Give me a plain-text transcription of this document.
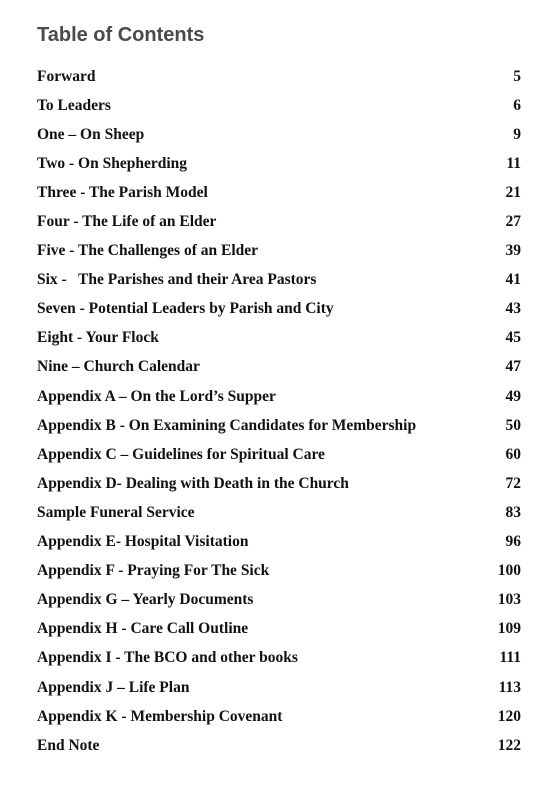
Table of Contents
Forward	5
To Leaders	6
One – On Sheep	9
Two - On Shepherding	11
Three - The Parish Model	21
Four - The Life of an Elder	27
Five - The Challenges of an Elder	39
Six -   The Parishes and their Area Pastors	41
Seven - Potential Leaders by Parish and City	43
Eight - Your Flock	45
Nine – Church Calendar	47
Appendix A – On the Lord’s Supper	49
Appendix B - On Examining Candidates for Membership	50
Appendix C – Guidelines for Spiritual Care	60
Appendix D- Dealing with Death in the Church	72
Sample Funeral Service	83
Appendix E- Hospital Visitation	96
Appendix F - Praying For The Sick	100
Appendix G – Yearly Documents	103
Appendix H - Care Call Outline	109
Appendix I - The BCO and other books	111
Appendix J – Life Plan	113
Appendix K - Membership Covenant	120
End Note	122
